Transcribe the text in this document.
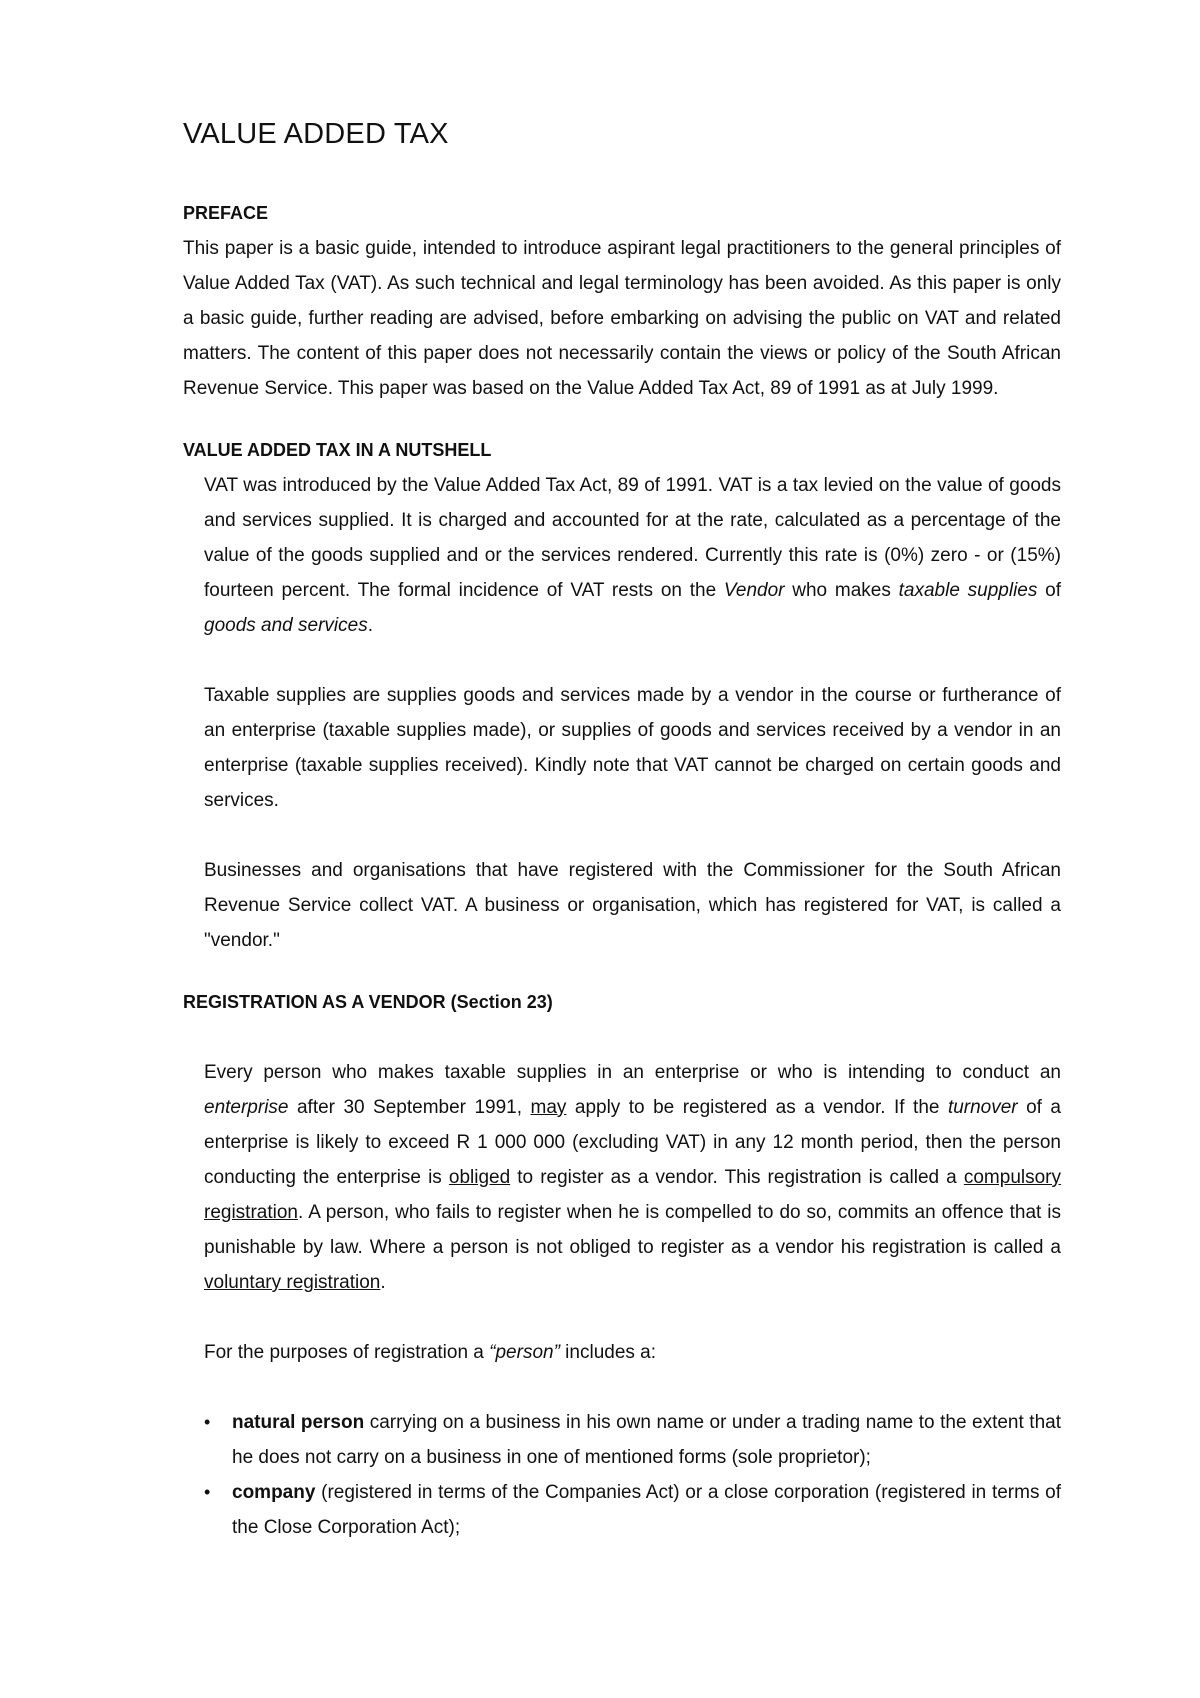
VALUE ADDED TAX
PREFACE

This paper is a basic guide, intended to introduce aspirant legal practitioners to the general principles of Value Added Tax (VAT). As such technical and legal terminology has been avoided. As this paper is only a basic guide, further reading are advised, before embarking on advising the public on VAT and related matters. The content of this paper does not necessarily contain the views or policy of the South African Revenue Service. This paper was based on the Value Added Tax Act, 89 of 1991 as at July 1999.

VALUE ADDED TAX IN A NUTSHELL

VAT was introduced by the Value Added Tax Act, 89 of 1991. VAT is a tax levied on the value of goods and services supplied. It is charged and accounted for at the rate, calculated as a percentage of the value of the goods supplied and or the services rendered. Currently this rate is (0%) zero - or (15%) fourteen percent. The formal incidence of VAT rests on the Vendor who makes taxable supplies of goods and services.

Taxable supplies are supplies goods and services made by a vendor in the course or furtherance of an enterprise (taxable supplies made), or supplies of goods and services received by a vendor in an enterprise (taxable supplies received). Kindly note that VAT cannot be charged on certain goods and services.

Businesses and organisations that have registered with the Commissioner for the South African Revenue Service collect VAT. A business or organisation, which has registered for VAT, is called a "vendor."

REGISTRATION AS A VENDOR (Section 23)

Every person who makes taxable supplies in an enterprise or who is intending to conduct an enterprise after 30 September 1991, may apply to be registered as a vendor. If the turnover of a enterprise is likely to exceed R 1 000 000 (excluding VAT) in any 12 month period, then the person conducting the enterprise is obliged to register as a vendor. This registration is called a compulsory registration. A person, who fails to register when he is compelled to do so, commits an offence that is punishable by law. Where a person is not obliged to register as a vendor his registration is called a voluntary registration.

For the purposes of registration a “person” includes a:

• natural person carrying on a business in his own name or under a trading name to the extent that he does not carry on a business in one of mentioned forms (sole proprietor);
• company (registered in terms of the Companies Act) or a close corporation (registered in terms of the Close Corporation Act);
